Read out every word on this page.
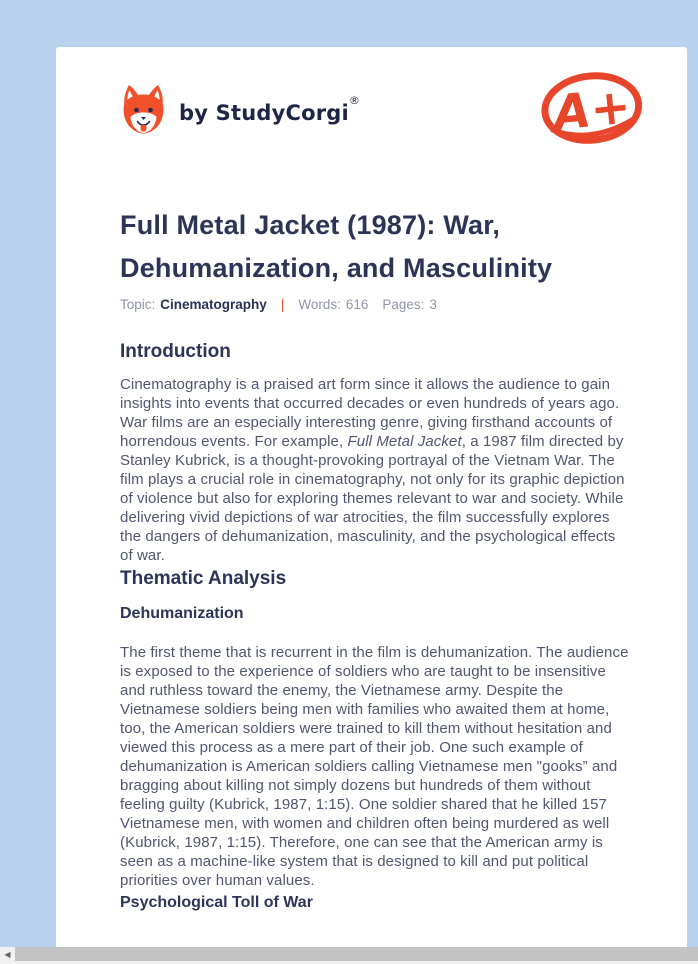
by StudyCorgi®	A+
Full Metal Jacket (1987): War, Dehumanization, and Masculinity
Topic: Cinematography | Words: 616 Pages: 3
Introduction

Cinematography is a praised art form since it allows the audience to gain insights into events that occurred decades or even hundreds of years ago. War films are an especially interesting genre, giving firsthand accounts of horrendous events. For example, Full Metal Jacket, a 1987 film directed by Stanley Kubrick, is a thought-provoking portrayal of the Vietnam War. The film plays a crucial role in cinematography, not only for its graphic depiction of violence but also for exploring themes relevant to war and society. While delivering vivid depictions of war atrocities, the film successfully explores the dangers of dehumanization, masculinity, and the psychological effects of war.

Thematic Analysis
Dehumanization

The first theme that is recurrent in the film is dehumanization. The audience is exposed to the experience of soldiers who are taught to be insensitive and ruthless toward the enemy, the Vietnamese army. Despite the Vietnamese soldiers being men with families who awaited them at home, too, the American soldiers were trained to kill them without hesitation and viewed this process as a mere part of their job. One such example of dehumanization is American soldiers calling Vietnamese men "gooks” and bragging about killing not simply dozens but hundreds of them without feeling guilty (Kubrick, 1987, 1:15). One soldier shared that he killed 157 Vietnamese men, with women and children often being murdered as well (Kubrick, 1987, 1:15). Therefore, one can see that the American army is seen as a machine-like system that is designed to kill and put political priorities over human values.

Psychological Toll of War
◀
